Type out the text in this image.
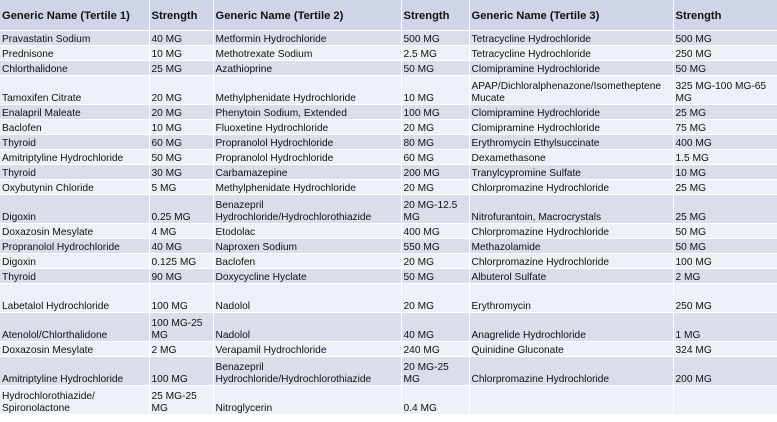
Generic Name (Tertile 1)	Strength	Generic Name (Tertile 2)	Strength	Generic Name (Tertile 3)	Strength
Pravastatin Sodium	40 MG	Metformin Hydrochloride	500 MG	Tetracycline Hydrochloride	500 MG
Prednisone	10 MG	Methotrexate Sodium	2.5 MG	Tetracycline Hydrochloride	250 MG
Chlorthalidone	25 MG	Azathioprine	50 MG	Clomipramine Hydrochloride	50 MG
Tamoxifen Citrate	20 MG	Methylphenidate Hydrochloride	10 MG	APAP/Dichloralphenazone/Isometheptene Mucate	325 MG-100 MG-65 MG
Enalapril Maleate	20 MG	Phenytoin Sodium, Extended	100 MG	Clomipramine Hydrochloride	25 MG
Baclofen	10 MG	Fluoxetine Hydrochloride	20 MG	Clomipramine Hydrochloride	75 MG
Thyroid	60 MG	Propranolol Hydrochloride	80 MG	Erythromycin Ethylsuccinate	400 MG
Amitriptyline Hydrochloride	50 MG	Propranolol Hydrochloride	60 MG	Dexamethasone	1.5 MG
Thyroid	30 MG	Carbamazepine	200 MG	Tranylcypromine Sulfate	10 MG
Oxybutynin Chloride	5 MG	Methylphenidate Hydrochloride	20 MG	Chlorpromazine Hydrochloride	25 MG
Digoxin	0.25 MG	Benazepril Hydrochloride/Hydrochlorothiazide	20 MG-12.5 MG	Nitrofurantoin, Macrocrystals	25 MG
Doxazosin Mesylate	4 MG	Etodolac	400 MG	Chlorpromazine Hydrochloride	50 MG
Propranolol Hydrochloride	40 MG	Naproxen Sodium	550 MG	Methazolamide	50 MG
Digoxin	0.125 MG	Baclofen	20 MG	Chlorpromazine Hydrochloride	100 MG
Thyroid	90 MG	Doxycycline Hyclate	50 MG	Albuterol Sulfate	2 MG
Labetalol Hydrochloride	100 MG	Nadolol	20 MG	Erythromycin	250 MG
Atenolol/Chlorthalidone	100 MG-25 MG	Nadolol	40 MG	Anagrelide Hydrochloride	1 MG
Doxazosin Mesylate	2 MG	Verapamil Hydrochloride	240 MG	Quinidine Gluconate	324 MG
Amitriptyline Hydrochloride	100 MG	Benazepril Hydrochloride/Hydrochlorothiazide	20 MG-25 MG	Chlorpromazine Hydrochloride	200 MG
Hydrochlorothiazide/ Spironolactone	25 MG-25 MG	Nitroglycerin	0.4 MG		
